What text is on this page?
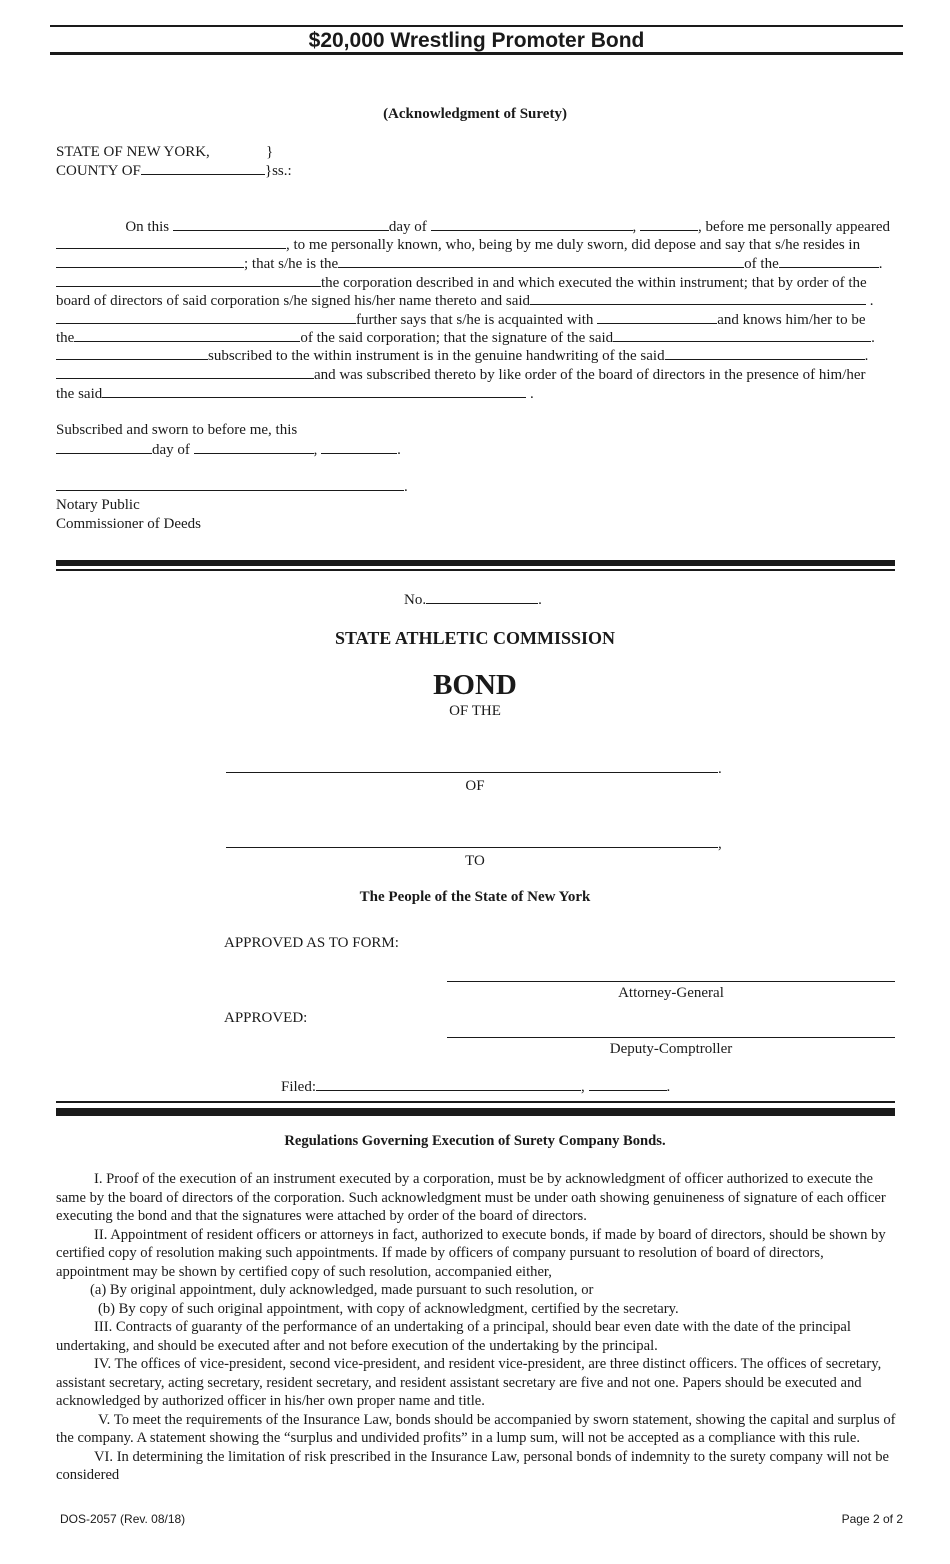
$20,000 Wrestling Promoter Bond
(Acknowledgment of Surety)
STATE OF NEW YORK,	}
COUNTY OF	}ss.:
On this	day of	,	, before me personally appeared
, to me personally known, who, being by me duly sworn, did depose and say that s/he resides in
; that s/he is the	of the	.
the corporation described in and which executed the within instrument; that by order of the
board of directors of said corporation s/he signed his/her name thereto and said	.
further says that s/he is acquainted with	and knows him/her to be
the	of the said corporation; that the signature of the said	.
subscribed to the within instrument is in the genuine handwriting of the said	.
and was subscribed thereto by like order of the board of directors in the presence of him/her
the said	.
Subscribed and sworn to before me, this
day of	,	.
.
Notary Public
Commissioner of Deeds
No.	.
STATE ATHLETIC COMMISSION
BOND
OF THE
.
OF
,
TO
The People of the State of New York
APPROVED AS TO FORM:
Attorney-General
APPROVED:
Deputy-Comptroller
Filed:	,	.
Regulations Governing Execution of Surety Company Bonds.

I. Proof of the execution of an instrument executed by a corporation, must be by acknowledgment of officer authorized to execute the same by the board of directors of the corporation. Such acknowledgment must be under oath showing genuineness of signature of each officer executing the bond and that the signatures were attached by order of the board of directors.

II. Appointment of resident officers or attorneys in fact, authorized to execute bonds, if made by board of directors, should be shown by certified copy of resolution making such appointments. If made by officers of company pursuant to resolution of board of directors, appointment may be shown by certified copy of such resolution, accompanied either,

(a) By original appointment, duly acknowledged, made pursuant to such resolution, or

(b) By copy of such original appointment, with copy of acknowledgment, certified by the secretary.

III. Contracts of guaranty of the performance of an undertaking of a principal, should bear even date with the date of the principal undertaking, and should be executed after and not before execution of the undertaking by the principal.

IV. The offices of vice-president, second vice-president, and resident vice-president, are three distinct officers. The offices of secretary, assistant secretary, acting secretary, resident secretary, and resident assistant secretary are five and not one. Papers should be executed and acknowledged by authorized officer in his/her own proper name and title.

V. To meet the requirements of the Insurance Law, bonds should be accompanied by sworn statement, showing the capital and surplus of the company. A statement showing the “surplus and undivided profits” in a lump sum, will not be accepted as a compliance with this rule.

VI. In determining the limitation of risk prescribed in the Insurance Law, personal bonds of indemnity to the surety company will not be considered

DOS-2057 (Rev. 08/18)	Page 2 of 2
